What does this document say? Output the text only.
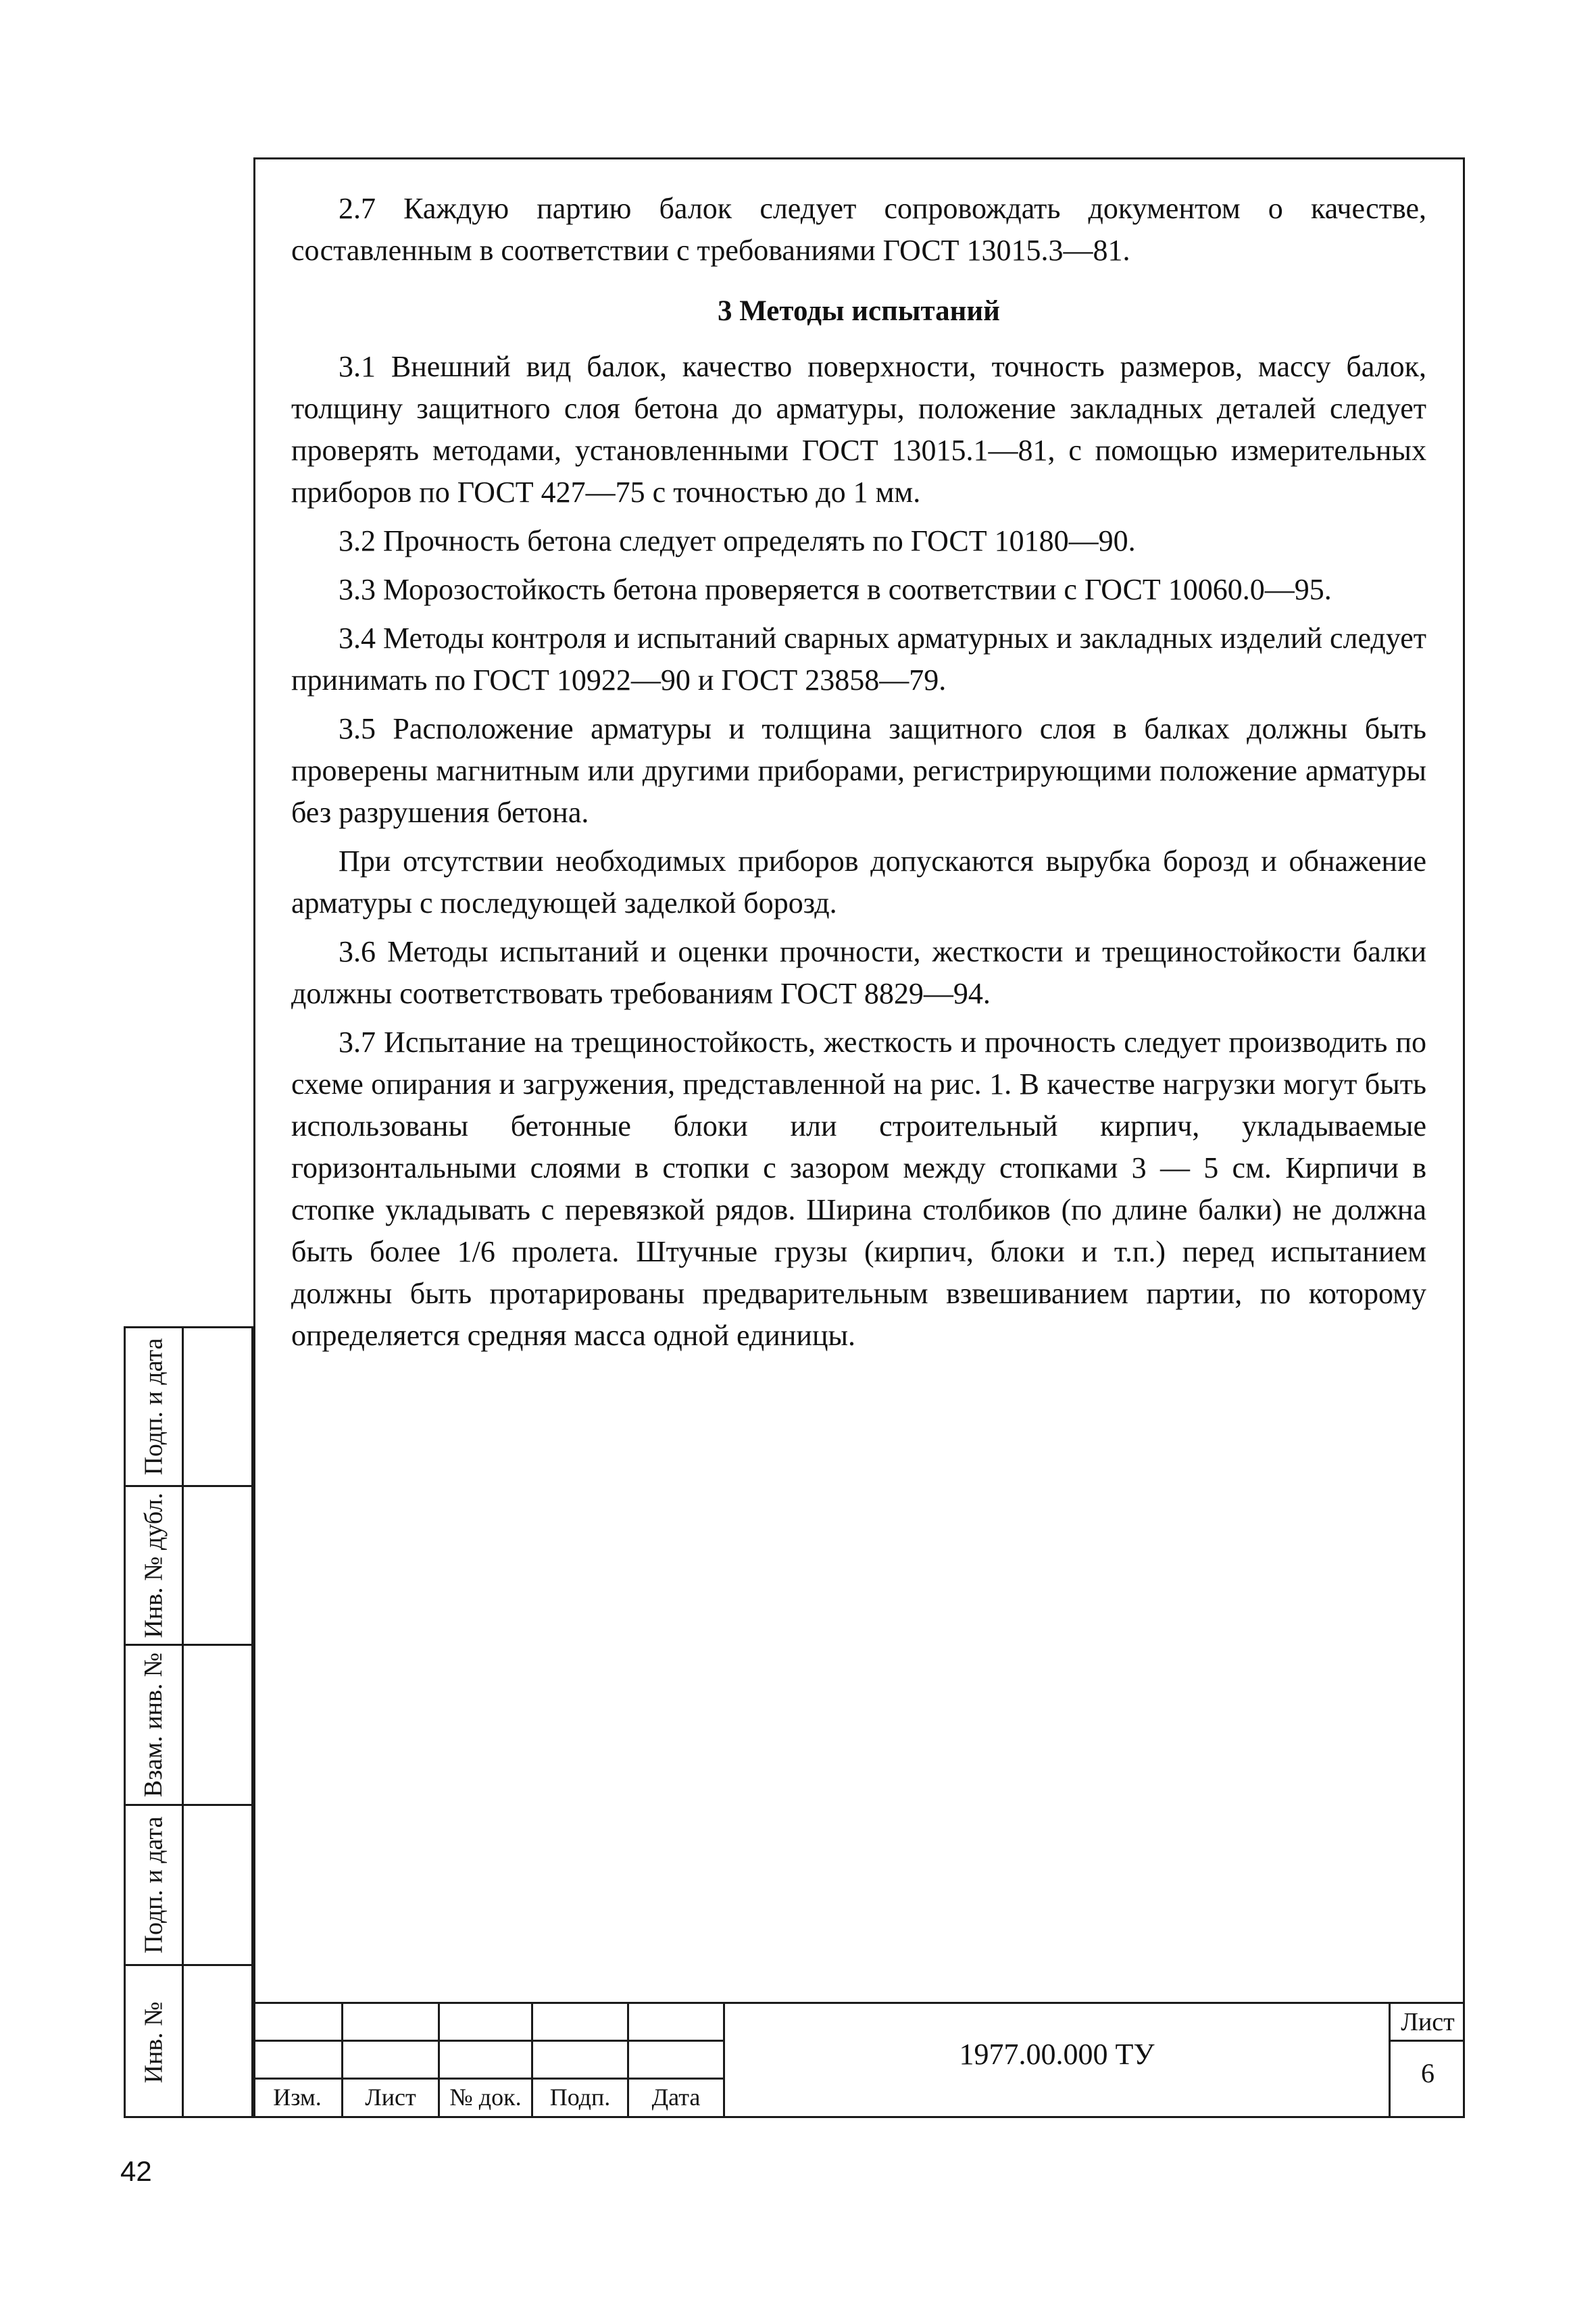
2.7 Каждую партию балок следует сопровождать документом о качестве, составленным в соответствии с требованиями ГОСТ 13015.3—81.

3 Методы испытаний

3.1 Внешний вид балок, качество поверхности, точность размеров, массу балок, толщину защитного слоя бетона до арматуры, положение закладных деталей следует проверять методами, установленными ГОСТ 13015.1—81, с помощью измерительных приборов по ГОСТ 427—75 с точностью до 1 мм.

3.2 Прочность бетона следует определять по ГОСТ 10180—90.

3.3 Морозостойкость бетона проверяется в соответствии с ГОСТ 10060.0—95.

3.4 Методы контроля и испытаний сварных арматурных и закладных изделий следует принимать по ГОСТ 10922—90 и ГОСТ 23858—79.

3.5 Расположение арматуры и толщина защитного слоя в балках должны быть проверены магнитным или другими приборами, регистрирующими положение арматуры без разрушения бетона.

При отсутствии необходимых приборов допускаются вырубка борозд и обнажение арматуры с последующей заделкой борозд.

3.6 Методы испытаний и оценки прочности, жесткости и трещиностойкости балки должны соответствовать требованиям ГОСТ 8829—94.

3.7 Испытание на трещиностойкость, жесткость и прочность следует производить по схеме опирания и загружения, представленной на рис. 1. В качестве нагрузки могут быть использованы бетонные блоки или строительный кирпич, укладываемые горизонтальными слоями в стопки с зазором между стопками 3 — 5 см. Кирпичи в стопке укладывать с перевязкой рядов. Ширина столбиков (по длине балки) не должна быть более 1/6 пролета. Штучные грузы (кирпич, блоки и т.п.) перед испытанием должны быть протарированы предварительным взвешиванием партии, по которому определяется средняя масса одной единицы.

Подп. и дата
Инв. № дубл.
Взам. инв. №
Подп. и дата
Инв. №
Изм.	Лист	№ док.	Подп.	Дата
1977.00.000 ТУ
Лист
6
42
